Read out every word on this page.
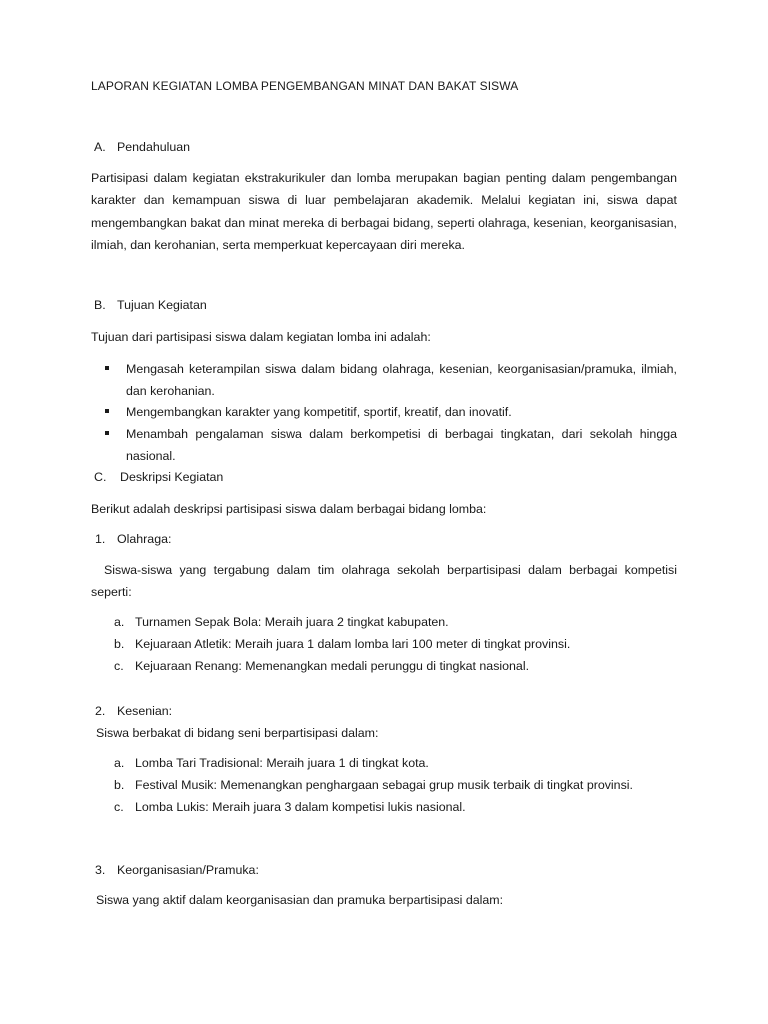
LAPORAN KEGIATAN LOMBA PENGEMBANGAN MINAT DAN BAKAT SISWA
A. Pendahuluan
Partisipasi dalam kegiatan ekstrakurikuler dan lomba merupakan bagian penting dalam pengembangan karakter dan kemampuan siswa di luar pembelajaran akademik. Melalui kegiatan ini, siswa dapat mengembangkan bakat dan minat mereka di berbagai bidang, seperti olahraga, kesenian, keorganisasian, ilmiah, dan kerohanian, serta memperkuat kepercayaan diri mereka.
B. Tujuan Kegiatan
Tujuan dari partisipasi siswa dalam kegiatan lomba ini adalah:
Mengasah keterampilan siswa dalam bidang olahraga, kesenian, keorganisasian/pramuka, ilmiah, dan kerohanian.
Mengembangkan karakter yang kompetitif, sportif, kreatif, dan inovatif.
Menambah pengalaman siswa dalam berkompetisi di berbagai tingkatan, dari sekolah hingga nasional.
C. Deskripsi Kegiatan
Berikut adalah deskripsi partisipasi siswa dalam berbagai bidang lomba:
1. Olahraga:
Siswa-siswa yang tergabung dalam tim olahraga sekolah berpartisipasi dalam berbagai kompetisi seperti:
a. Turnamen Sepak Bola: Meraih juara 2 tingkat kabupaten.
b. Kejuaraan Atletik: Meraih juara 1 dalam lomba lari 100 meter di tingkat provinsi.
c. Kejuaraan Renang: Memenangkan medali perunggu di tingkat nasional.
2. Kesenian:
Siswa berbakat di bidang seni berpartisipasi dalam:
a. Lomba Tari Tradisional: Meraih juara 1 di tingkat kota.
b. Festival Musik: Memenangkan penghargaan sebagai grup musik terbaik di tingkat provinsi.
c. Lomba Lukis: Meraih juara 3 dalam kompetisi lukis nasional.
3. Keorganisasian/Pramuka:
Siswa yang aktif dalam keorganisasian dan pramuka berpartisipasi dalam:
